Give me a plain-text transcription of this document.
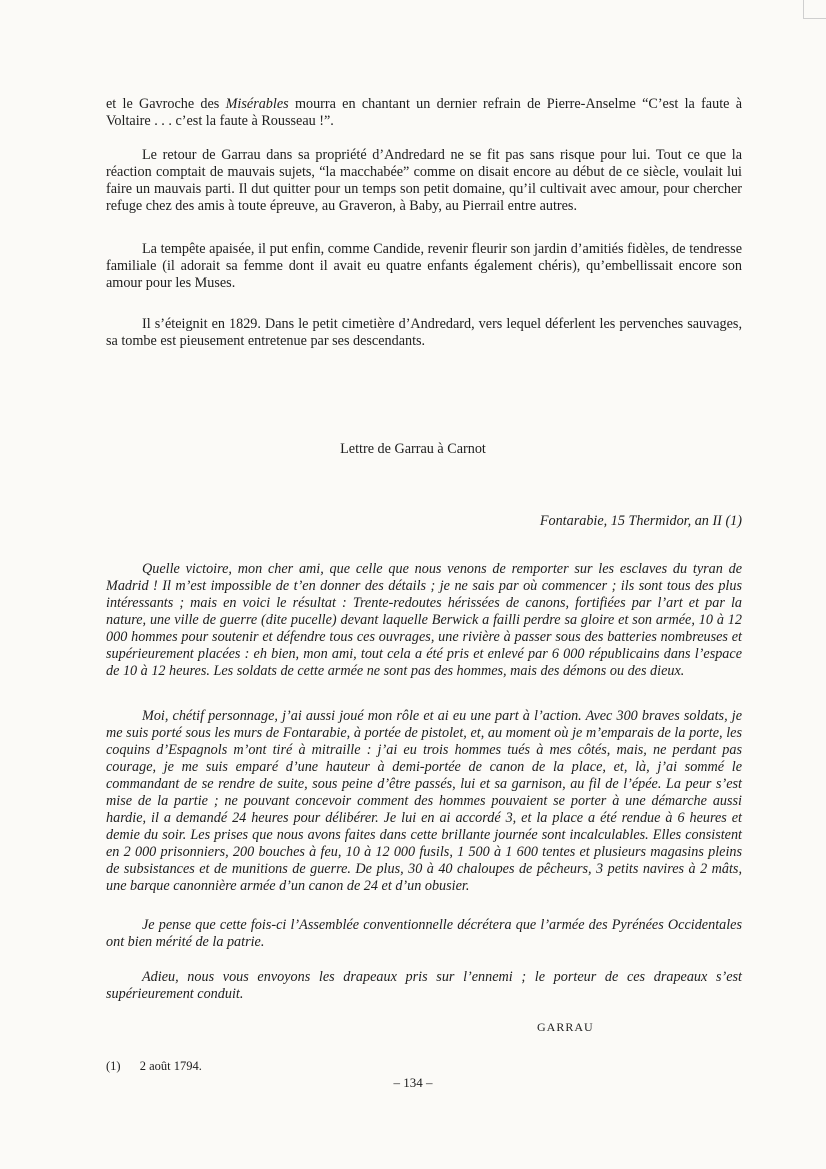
et le Gavroche des Misérables mourra en chantant un dernier refrain de Pierre-Anselme “C’est la faute à Voltaire . . . c’est la faute à Rousseau !”.

Le retour de Garrau dans sa propriété d’Andredard ne se fit pas sans risque pour lui. Tout ce que la réaction comptait de mauvais sujets, “la macchabée” comme on disait encore au début de ce siècle, voulait lui faire un mauvais parti. Il dut quitter pour un temps son petit domaine, qu’il cultivait avec amour, pour chercher refuge chez des amis à toute épreuve, au Graveron, à Baby, au Pierrail entre autres.

La tempête apaisée, il put enfin, comme Candide, revenir fleurir son jardin d’amitiés fidèles, de tendresse familiale (il adorait sa femme dont il avait eu quatre enfants également chéris), qu’embellissait encore son amour pour les Muses.

Il s’éteignit en 1829. Dans le petit cimetière d’Andredard, vers lequel déferlent les pervenches sauvages, sa tombe est pieusement entretenue par ses descendants.

Lettre de Garrau à Carnot
Fontarabie, 15 Thermidor, an II (1)

Quelle victoire, mon cher ami, que celle que nous venons de remporter sur les esclaves du tyran de Madrid ! Il m’est impossible de t’en donner des détails ; je ne sais par où commencer ; ils sont tous des plus intéressants ; mais en voici le résultat : Trente-redoutes hérissées de canons, fortifiées par l’art et par la nature, une ville de guerre (dite pucelle) devant laquelle Berwick a failli perdre sa gloire et son armée, 10 à 12 000 hommes pour soutenir et défendre tous ces ouvrages, une rivière à passer sous des batteries nombreuses et supérieurement placées : eh bien, mon ami, tout cela a été pris et enlevé par 6 000 républicains dans l’espace de 10 à 12 heures. Les soldats de cette armée ne sont pas des hommes, mais des démons ou des dieux.

Moi, chétif personnage, j’ai aussi joué mon rôle et ai eu une part à l’action. Avec 300 braves soldats, je me suis porté sous les murs de Fontarabie, à portée de pistolet, et, au moment où je m’emparais de la porte, les coquins d’Espagnols m’ont tiré à mitraille : j’ai eu trois hommes tués à mes côtés, mais, ne perdant pas courage, je me suis emparé d’une hauteur à demi-portée de canon de la place, et, là, j’ai sommé le commandant de se rendre de suite, sous peine d’être passés, lui et sa garnison, au fil de l’épée. La peur s’est mise de la partie ; ne pouvant concevoir comment des hommes pouvaient se porter à une démarche aussi hardie, il a demandé 24 heures pour délibérer. Je lui en ai accordé 3, et la place a été rendue à 6 heures et demie du soir. Les prises que nous avons faites dans cette brillante journée sont incalculables. Elles consistent en 2 000 prisonniers, 200 bouches à feu, 10 à 12 000 fusils, 1 500 à 1 600 tentes et plusieurs magasins pleins de subsistances et de munitions de guerre. De plus, 30 à 40 chaloupes de pêcheurs, 3 petits navires à 2 mâts, une barque canonnière armée d’un canon de 24 et d’un obusier.

Je pense que cette fois-ci l’Assemblée conventionnelle décrétera que l’armée des Pyrénées Occidentales ont bien mérité de la patrie.

Adieu, nous vous envoyons les drapeaux pris sur l’ennemi ; le porteur de ces drapeaux s’est supérieurement conduit.

GARRAU
(1) 2 août 1794.
– 134 –
